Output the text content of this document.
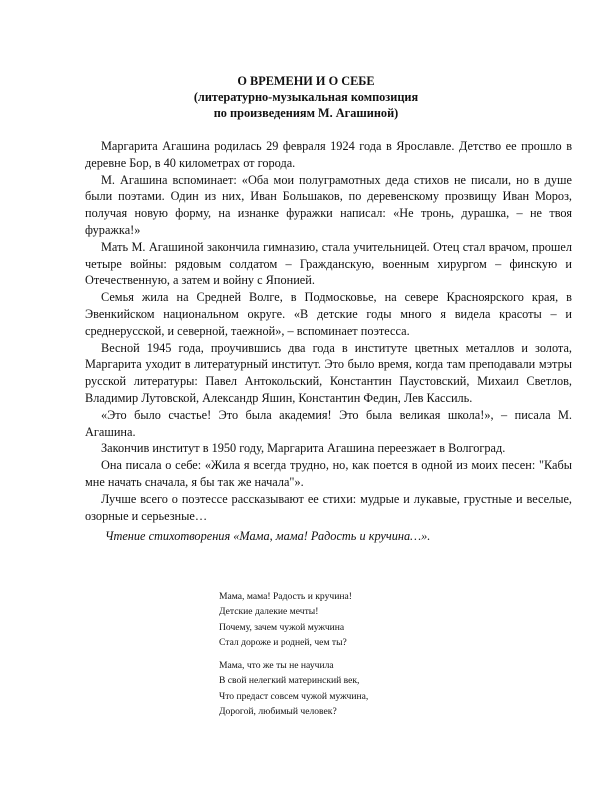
О ВРЕМЕНИ И О СЕБЕ
(литературно-музыкальная композиция
по произведениям М. Агашиной)

Маргарита Агашина родилась 29 февраля 1924 года в Ярославле. Детство ее прошло в деревне Бор, в 40 километрах от города.

М. Агашина вспоминает: «Оба мои полуграмотных деда стихов не писали, но в душе были поэтами. Один из них, Иван Большаков, по деревенскому прозвищу Иван Мороз, получая новую форму, на изнанке фуражки написал: «Не тронь, дурашка, – не твоя фуражка!»

Мать М. Агашиной закончила гимназию, стала учительницей. Отец стал врачом, прошел четыре войны: рядовым солдатом – Гражданскую, военным хирургом – финскую и Отечественную, а затем и войну с Японией.

Семья жила на Средней Волге, в Подмосковье, на севере Красноярского края, в Эвенкийском национальном округе. «В детские годы много я видела красоты – и среднерусской, и северной, таежной», – вспоминает поэтесса.

Весной 1945 года, проучившись два года в институте цветных металлов и золота, Маргарита уходит в литературный институт. Это было время, когда там преподавали мэтры русской литературы: Павел Антокольский, Константин Паустовский, Михаил Светлов, Владимир Лутовской, Александр Яшин, Константин Федин, Лев Кассиль.

«Это было счастье! Это была академия! Это была великая школа!», – писала М. Агашина.

Закончив институт в 1950 году, Маргарита Агашина переезжает в Волгоград.

Она писала о себе: «Жила я всегда трудно, но, как поется в одной из моих песен: "Кабы мне начать сначала, я бы так же начала"».

Лучше всего о поэтессе рассказывают ее стихи: мудрые и лукавые, грустные и веселые, озорные и серьезные…

Чтение стихотворения «Мама, мама! Радость и кручина…».

Мама, мама! Радость и кручина!
Детские далекие мечты!
Почему, зачем чужой мужчина
Стал дороже и родней, чем ты?
Мама, что же ты не научила
В свой нелегкий материнский век,
Что предаст совсем чужой мужчина,
Дорогой, любимый человек?
